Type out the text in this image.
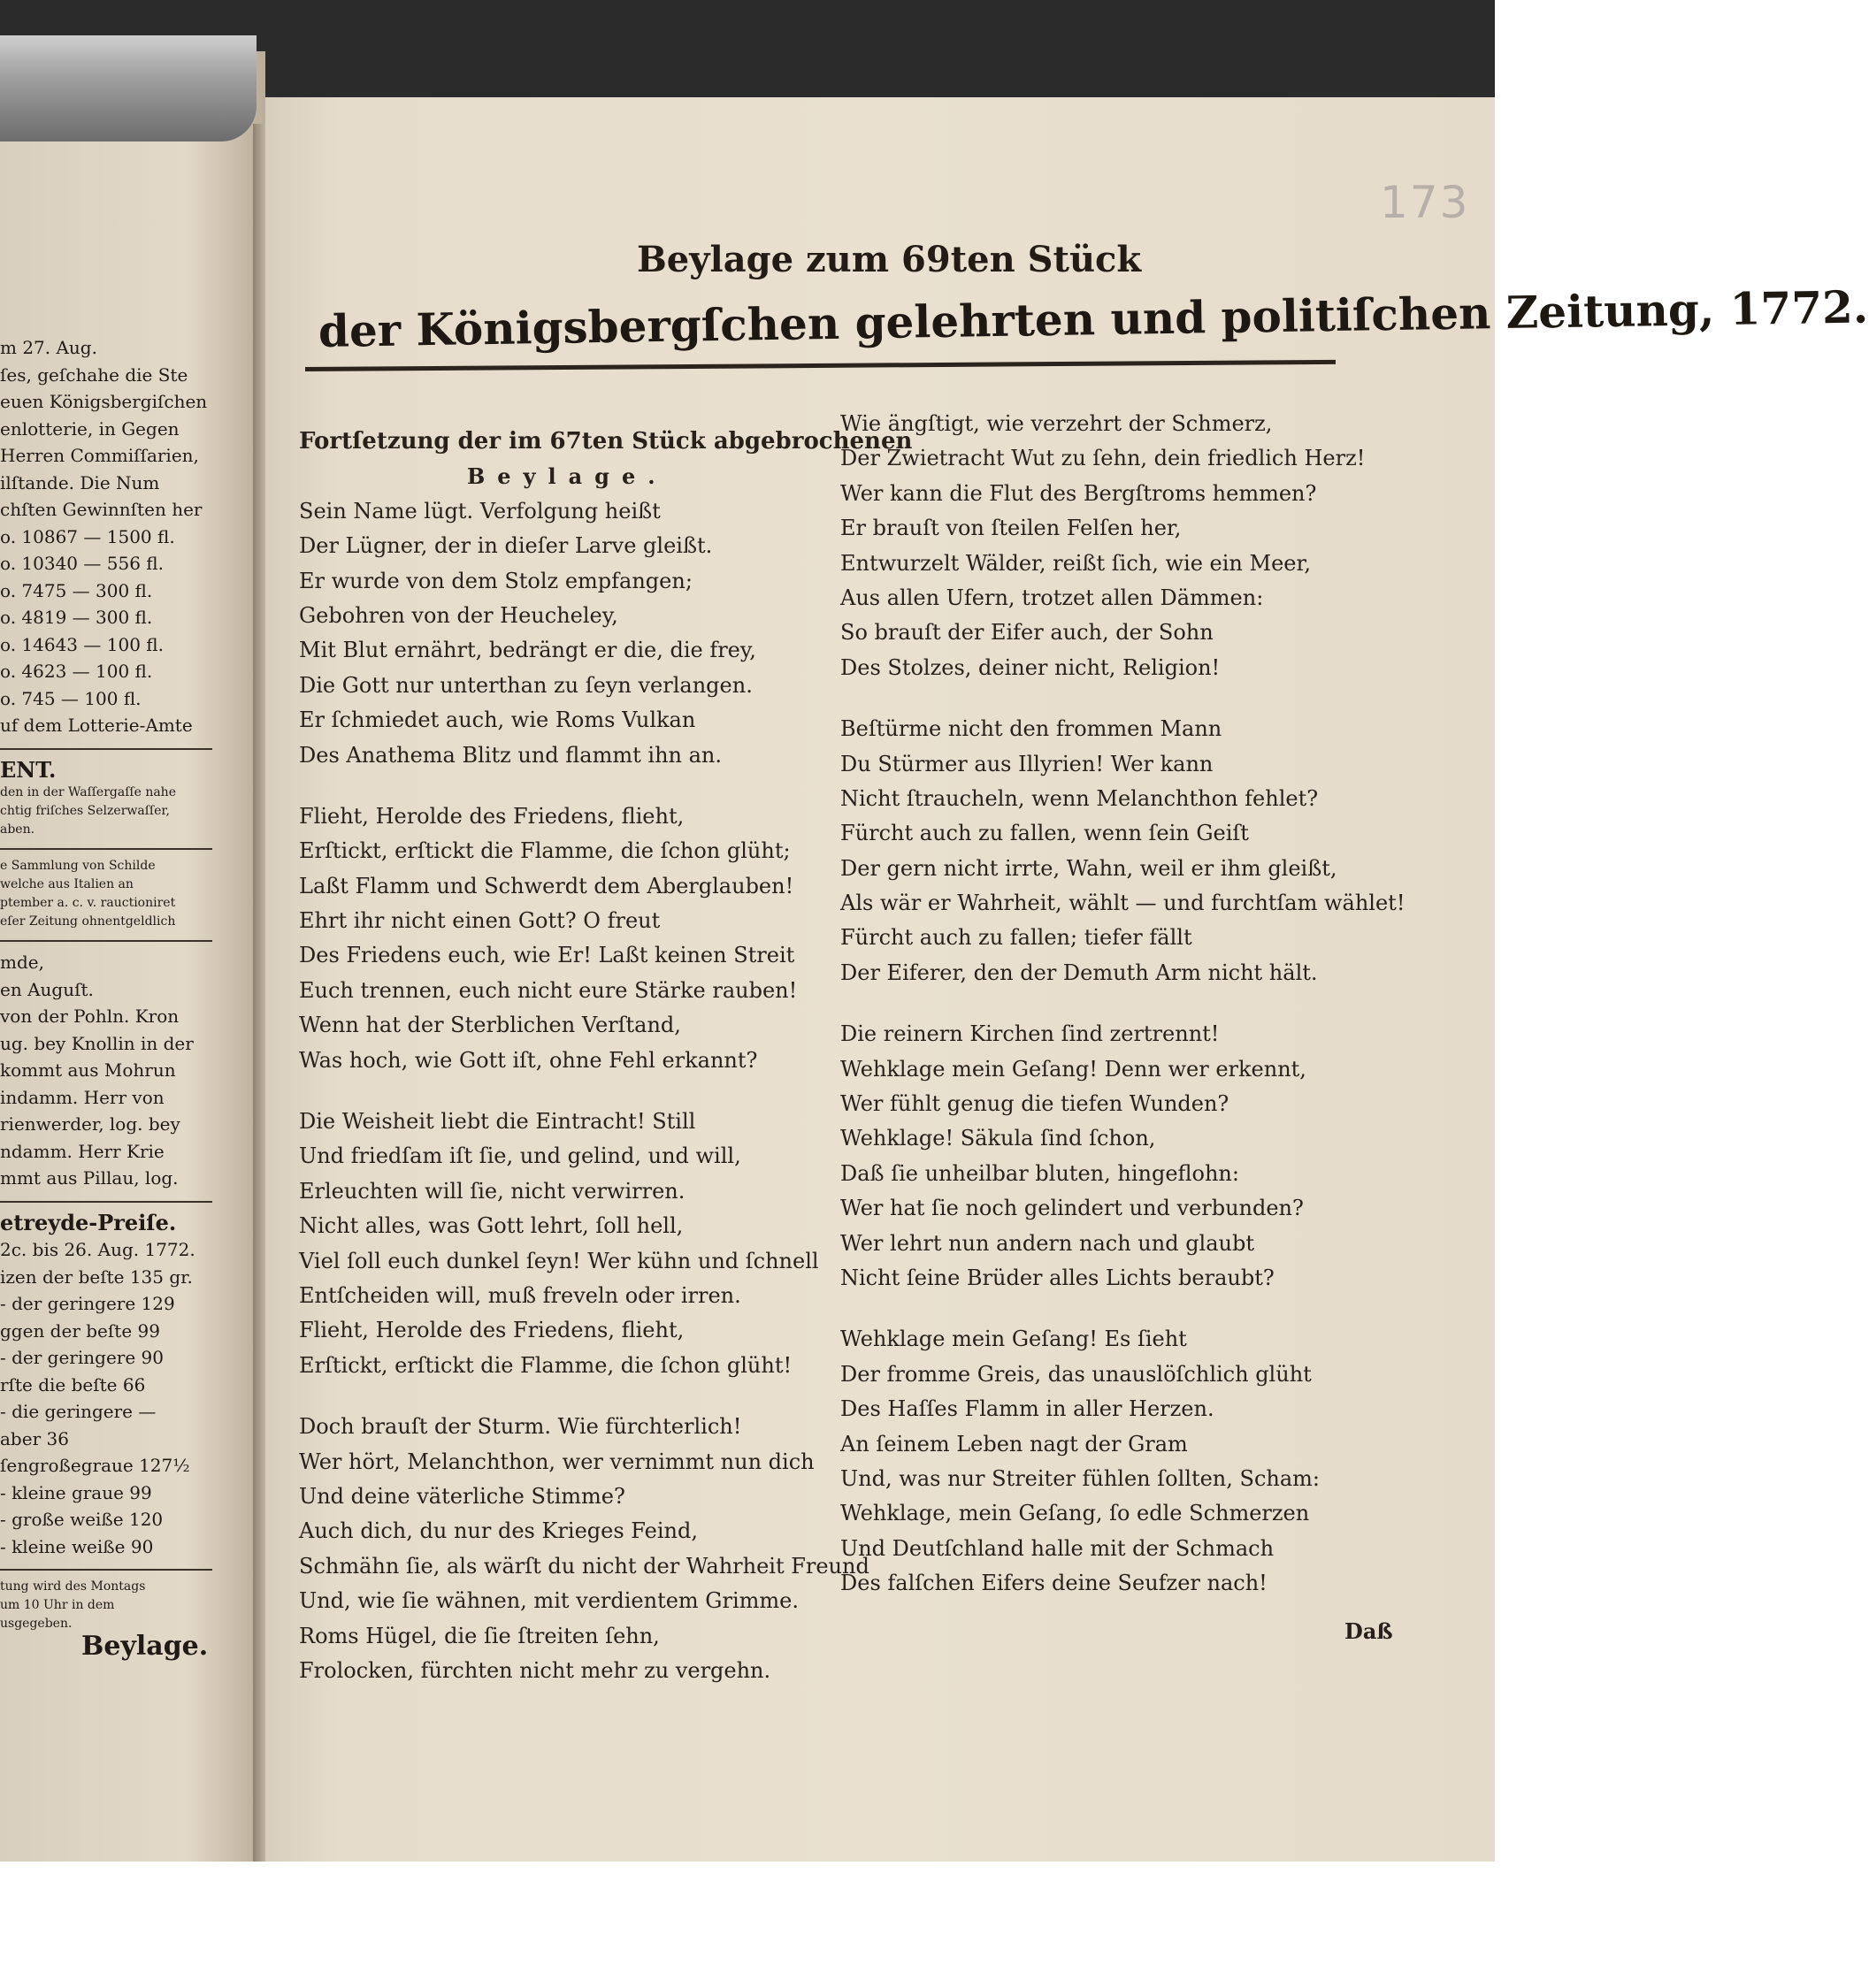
m 27. Aug.
ſes, geſchahe die Ste
euen Königsbergiſchen
enlotterie, in Gegen
Herren Commiſſarien,
ilſtande. Die Num
chſten Gewinnſten her
o. 10867 — 1500 fl.
o. 10340 — 556 fl.
o. 7475 — 300 fl.
o. 4819 — 300 fl.
o. 14643 — 100 fl.
o. 4623 — 100 fl.
o. 745 — 100 fl.
uf dem Lotterie-Amte
ENT.
den in der Waſſergaſſe nahe
chtig friſches Selzerwaſſer,
aben.
e Sammlung von Schilde
welche aus Italien an
ptember a. c. v. rauctioniret
eſer Zeitung ohnentgeldlich
mde,
en Auguſt.
von der Pohln. Kron
ug. bey Knollin in der
kommt aus Mohrun
indamm. Herr von
rienwerder, log. bey
ndamm. Herr Krie
mmt aus Pillau, log.
etreyde-Preiſe.
2c. bis 26. Aug. 1772.
izen der beſte 135 gr.
- der geringere 129
ggen der beſte 99
- der geringere 90
rſte die beſte 66
- die geringere —
aber 36
ſengroßegraue 127½
- kleine graue 99
- große weiße 120
- kleine weiße 90
tung wird des Montags
um 10 Uhr in dem
usgegeben.
Beylage.
173
Beylage zum 69ten Stück
der Königsbergſchen gelehrten und politiſchen Zeitung, 1772.
Fortſetzung der im 67ten Stück abgebrochenen
Beylage.
Sein Name lügt. Verfolgung heißt
Der Lügner, der in dieſer Larve gleißt.
Er wurde von dem Stolz empfangen;
Gebohren von der Heucheley,
Mit Blut ernährt, bedrängt er die, die frey,
Die Gott nur unterthan zu ſeyn verlangen.
Er ſchmiedet auch, wie Roms Vulkan
Des Anathema Blitz und flammt ihn an.
Flieht, Herolde des Friedens, flieht,
Erſtickt, erſtickt die Flamme, die ſchon glüht;
Laßt Flamm und Schwerdt dem Aberglauben!
Ehrt ihr nicht einen Gott? O freut
Des Friedens euch, wie Er! Laßt keinen Streit
Euch trennen, euch nicht eure Stärke rauben!
Wenn hat der Sterblichen Verſtand,
Was hoch, wie Gott iſt, ohne Fehl erkannt?
Die Weisheit liebt die Eintracht! Still
Und friedſam iſt ſie, und gelind, und will,
Erleuchten will ſie, nicht verwirren.
Nicht alles, was Gott lehrt, ſoll hell,
Viel ſoll euch dunkel ſeyn! Wer kühn und ſchnell
Entſcheiden will, muß freveln oder irren.
Flieht, Herolde des Friedens, flieht,
Erſtickt, erſtickt die Flamme, die ſchon glüht!
Doch brauſt der Sturm. Wie fürchterlich!
Wer hört, Melanchthon, wer vernimmt nun dich
Und deine väterliche Stimme?
Auch dich, du nur des Krieges Feind,
Schmähn ſie, als wärſt du nicht der Wahrheit Freund
Und, wie ſie wähnen, mit verdientem Grimme.
Roms Hügel, die ſie ſtreiten ſehn,
Frolocken, fürchten nicht mehr zu vergehn.
Wie ängſtigt, wie verzehrt der Schmerz,
Der Zwietracht Wut zu ſehn, dein friedlich Herz!
Wer kann die Flut des Bergſtroms hemmen?
Er brauſt von ſteilen Felſen her,
Entwurzelt Wälder, reißt ſich, wie ein Meer,
Aus allen Ufern, trotzet allen Dämmen:
So brauſt der Eifer auch, der Sohn
Des Stolzes, deiner nicht, Religion!
Beſtürme nicht den frommen Mann
Du Stürmer aus Illyrien! Wer kann
Nicht ſtraucheln, wenn Melanchthon fehlet?
Fürcht auch zu fallen, wenn ſein Geiſt
Der gern nicht irrte, Wahn, weil er ihm gleißt,
Als wär er Wahrheit, wählt — und furchtſam wählet!
Fürcht auch zu fallen; tiefer fällt
Der Eiferer, den der Demuth Arm nicht hält.
Die reinern Kirchen ſind zertrennt!
Wehklage mein Geſang! Denn wer erkennt,
Wer fühlt genug die tiefen Wunden?
Wehklage! Säkula ſind ſchon,
Daß ſie unheilbar bluten, hingeflohn:
Wer hat ſie noch gelindert und verbunden?
Wer lehrt nun andern nach und glaubt
Nicht ſeine Brüder alles Lichts beraubt?
Wehklage mein Geſang! Es ſieht
Der fromme Greis, das unauslöſchlich glüht
Des Haſſes Flamm in aller Herzen.
An ſeinem Leben nagt der Gram
Und, was nur Streiter fühlen ſollten, Scham:
Wehklage, mein Geſang, ſo edle Schmerzen
Und Deutſchland halle mit der Schmach
Des falſchen Eifers deine Seufzer nach!
Daß
